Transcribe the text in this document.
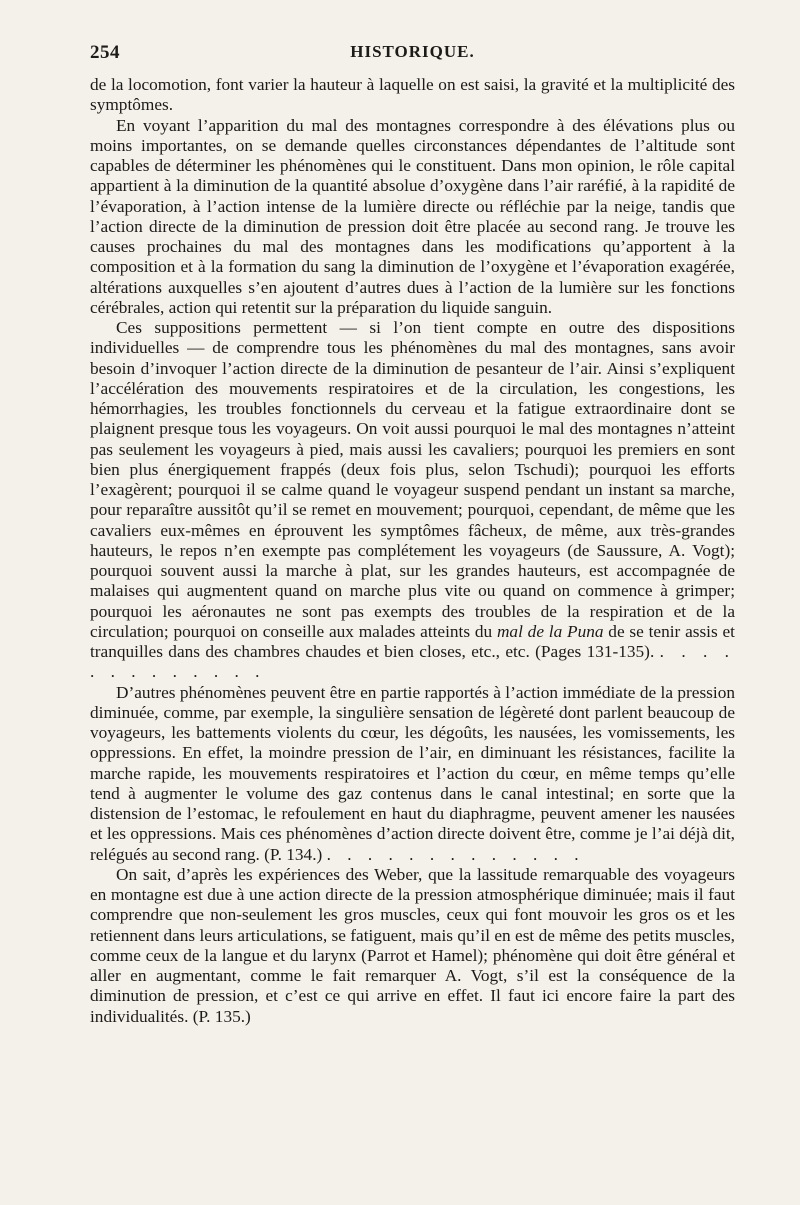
254	HISTORIQUE.

de la locomotion, font varier la hauteur à laquelle on est saisi, la gravité et la multiplicité des symptômes.

En voyant l’apparition du mal des montagnes correspondre à des élévations plus ou moins importantes, on se demande quelles circonstances dépendantes de l’altitude sont capables de déterminer les phénomènes qui le constituent. Dans mon opinion, le rôle capital appartient à la diminution de la quantité absolue d’oxygène dans l’air raréfié, à la rapidité de l’évaporation, à l’action intense de la lumière directe ou réfléchie par la neige, tandis que l’action directe de la diminution de pression doit être placée au second rang. Je trouve les causes prochaines du mal des montagnes dans les modifications qu’apportent à la composition et à la formation du sang la diminution de l’oxygène et l’évaporation exagérée, altérations auxquelles s’en ajoutent d’autres dues à l’action de la lumière sur les fonctions cérébrales, action qui retentit sur la préparation du liquide sanguin.

Ces suppositions permettent — si l’on tient compte en outre des dispositions individuelles — de comprendre tous les phénomènes du mal des montagnes, sans avoir besoin d’invoquer l’action directe de la diminution de pesanteur de l’air. Ainsi s’expliquent l’accélération des mouvements respiratoires et de la circulation, les congestions, les hémorrhagies, les troubles fonctionnels du cerveau et la fatigue extraordinaire dont se plaignent presque tous les voyageurs. On voit aussi pourquoi le mal des montagnes n’atteint pas seulement les voyageurs à pied, mais aussi les cavaliers; pourquoi les premiers en sont bien plus énergiquement frappés (deux fois plus, selon Tschudi); pourquoi les efforts l’exagèrent; pourquoi il se calme quand le voyageur suspend pendant un instant sa marche, pour reparaître aussitôt qu’il se remet en mouvement; pourquoi, cependant, de même que les cavaliers eux-mêmes en éprouvent les symptômes fâcheux, de même, aux très-grandes hauteurs, le repos n’en exempte pas complétement les voyageurs (de Saussure, A. Vogt); pourquoi souvent aussi la marche à plat, sur les grandes hauteurs, est accompagnée de malaises qui augmentent quand on marche plus vite ou quand on commence à grimper; pourquoi les aéronautes ne sont pas exempts des troubles de la respiration et de la circulation; pourquoi on conseille aux malades atteints du mal de la Puna de se tenir assis et tranquilles dans des chambres chaudes et bien closes, etc., etc. (Pages 131-135). . . . . . . . . . . . . .

D’autres phénomènes peuvent être en partie rapportés à l’action immédiate de la pression diminuée, comme, par exemple, la singulière sensation de légèreté dont parlent beaucoup de voyageurs, les battements violents du cœur, les dégoûts, les nausées, les vomissements, les oppressions. En effet, la moindre pression de l’air, en diminuant les résistances, facilite la marche rapide, les mouvements respiratoires et l’action du cœur, en même temps qu’elle tend à augmenter le volume des gaz contenus dans le canal intestinal; en sorte que la distension de l’estomac, le refoulement en haut du diaphragme, peuvent amener les nausées et les oppressions. Mais ces phénomènes d’action directe doivent être, comme je l’ai déjà dit, relégués au second rang. (P. 134.) . . . . . . . . . . . . .

On sait, d’après les expériences des Weber, que la lassitude remarquable des voyageurs en montagne est due à une action directe de la pression atmosphérique diminuée; mais il faut comprendre que non-seulement les gros muscles, ceux qui font mouvoir les gros os et les retiennent dans leurs articulations, se fatiguent, mais qu’il en est de même des petits muscles, comme ceux de la langue et du larynx (Parrot et Hamel); phénomène qui doit être général et aller en augmentant, comme le fait remarquer A. Vogt, s’il est la conséquence de la diminution de pression, et c’est ce qui arrive en effet. Il faut ici encore faire la part des individualités. (P. 135.)
